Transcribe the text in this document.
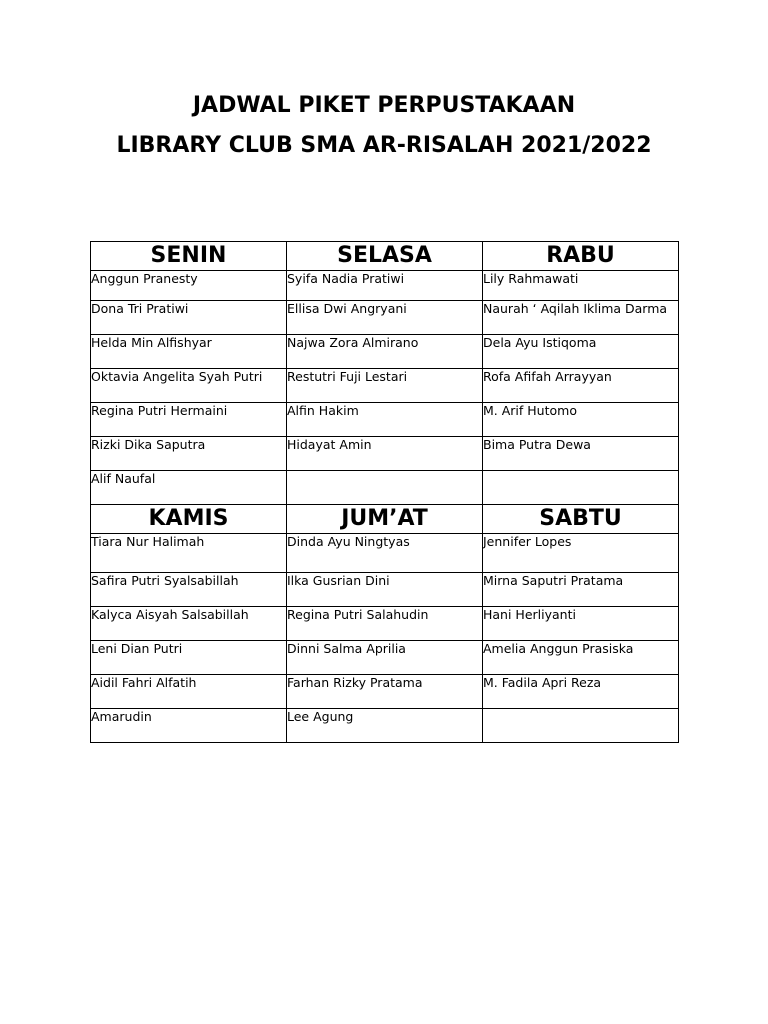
JADWAL PIKET PERPUSTAKAAN
LIBRARY CLUB SMA AR-RISALAH 2021/2022
SENIN	SELASA	RABU
Anggun Pranesty	Syifa Nadia Pratiwi	Lily Rahmawati
Dona Tri Pratiwi	Ellisa Dwi Angryani	Naurah ‘ Aqilah Iklima Darma
Helda Min Alfishyar	Najwa Zora Almirano	Dela Ayu Istiqoma
Oktavia Angelita Syah Putri	Restutri Fuji Lestari	Rofa Afifah Arrayyan
Regina Putri Hermaini	Alfin Hakim	M. Arif Hutomo
Rizki Dika Saputra	Hidayat Amin	Bima Putra Dewa
Alif Naufal		
KAMIS	JUM’AT	SABTU
Tiara Nur Halimah	Dinda Ayu Ningtyas	Jennifer Lopes
Safira Putri Syalsabillah	Ilka Gusrian Dini	Mirna Saputri Pratama
Kalyca Aisyah Salsabillah	Regina Putri Salahudin	Hani Herliyanti
Leni Dian Putri	Dinni Salma Aprilia	Amelia Anggun Prasiska
Aidil Fahri Alfatih	Farhan Rizky Pratama	M. Fadila Apri Reza
Amarudin	Lee Agung	
